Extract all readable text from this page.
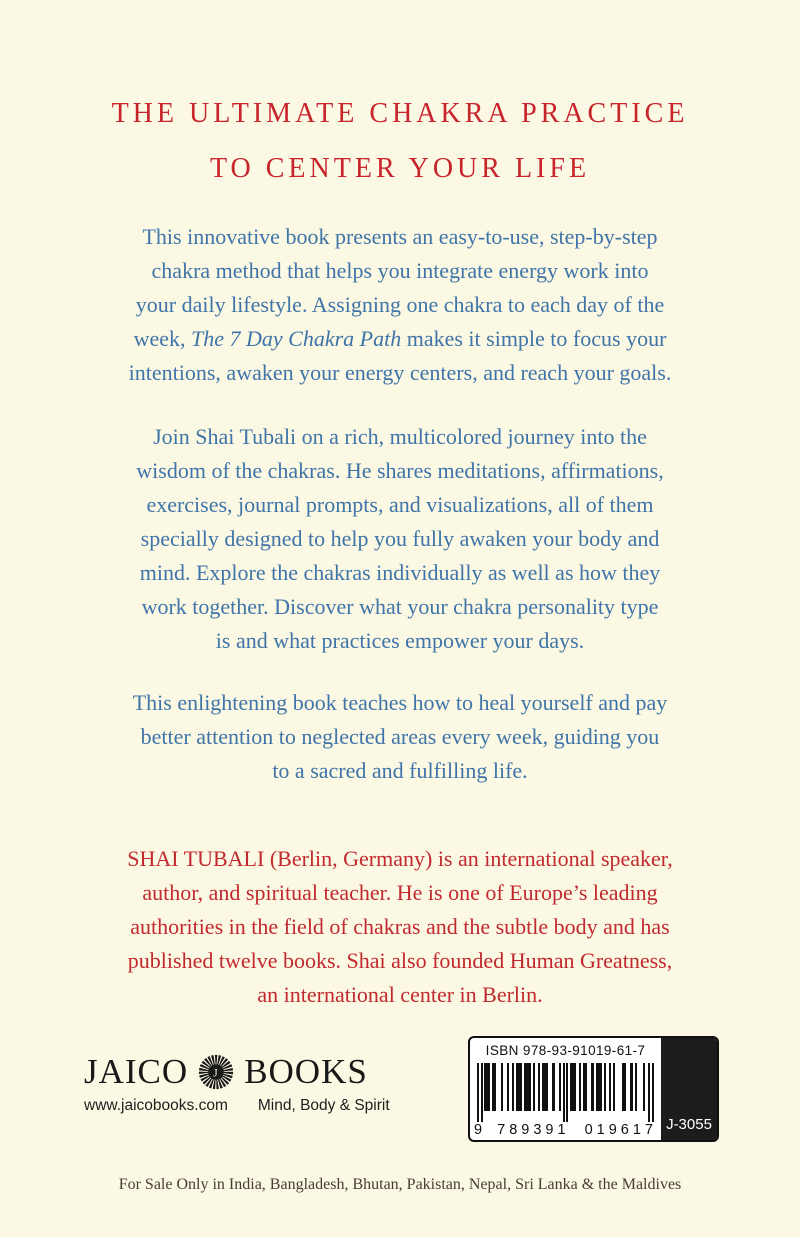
THE ULTIMATE CHAKRA PRACTICE
TO CENTER YOUR LIFE
This innovative book presents an easy-to-use, step-by-step
chakra method that helps you integrate energy work into
your daily lifestyle. Assigning one chakra to each day of the
week, The 7 Day Chakra Path makes it simple to focus your
intentions, awaken your energy centers, and reach your goals.
Join Shai Tubali on a rich, multicolored journey into the
wisdom of the chakras. He shares meditations, affirmations,
exercises, journal prompts, and visualizations, all of them
specially designed to help you fully awaken your body and
mind. Explore the chakras individually as well as how they
work together. Discover what your chakra personality type
is and what practices empower your days.
This enlightening book teaches how to heal yourself and pay
better attention to neglected areas every week, guiding you
to a sacred and fulfilling life.
SHAI TUBALI (Berlin, Germany) is an international speaker,
author, and spiritual teacher. He is one of Europe’s leading
authorities in the field of chakras and the subtle body and has
published twelve books. Shai also founded Human Greatness,
an international center in Berlin.
JAICO J BOOKS
www.jaicobooks.com Mind, Body & Spirit
ISBN 978-93-91019-61-7
9 789391 019617 J-3055
For Sale Only in India, Bangladesh, Bhutan, Pakistan, Nepal, Sri Lanka & the Maldives
